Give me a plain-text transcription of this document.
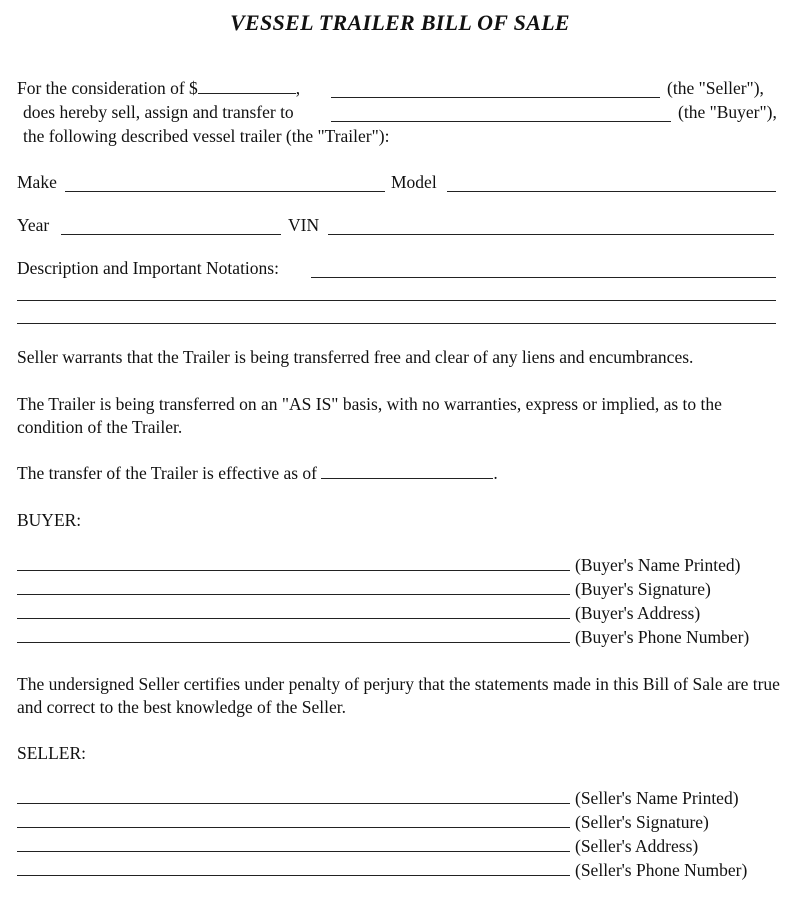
VESSEL TRAILER BILL OF SALE
For the consideration of $	,	(the "Seller"),
does hereby sell, assign and transfer to	(the "Buyer"),
the following described vessel trailer (the "Trailer"):
Make	Model
Year	VIN
Description and Important Notations:
Seller warrants that the Trailer is being transferred free and clear of any liens and encumbrances.
The Trailer is being transferred on an "AS IS" basis, with no warranties, express or implied, as to the condition of the Trailer.
The transfer of the Trailer is effective as of	.
BUYER:
(Buyer's Name Printed)
(Buyer's Signature)
(Buyer's Address)
(Buyer's Phone Number)
The undersigned Seller certifies under penalty of perjury that the statements made in this Bill of Sale are true and correct to the best knowledge of the Seller.
SELLER:
(Seller's Name Printed)
(Seller's Signature)
(Seller's Address)
(Seller's Phone Number)
